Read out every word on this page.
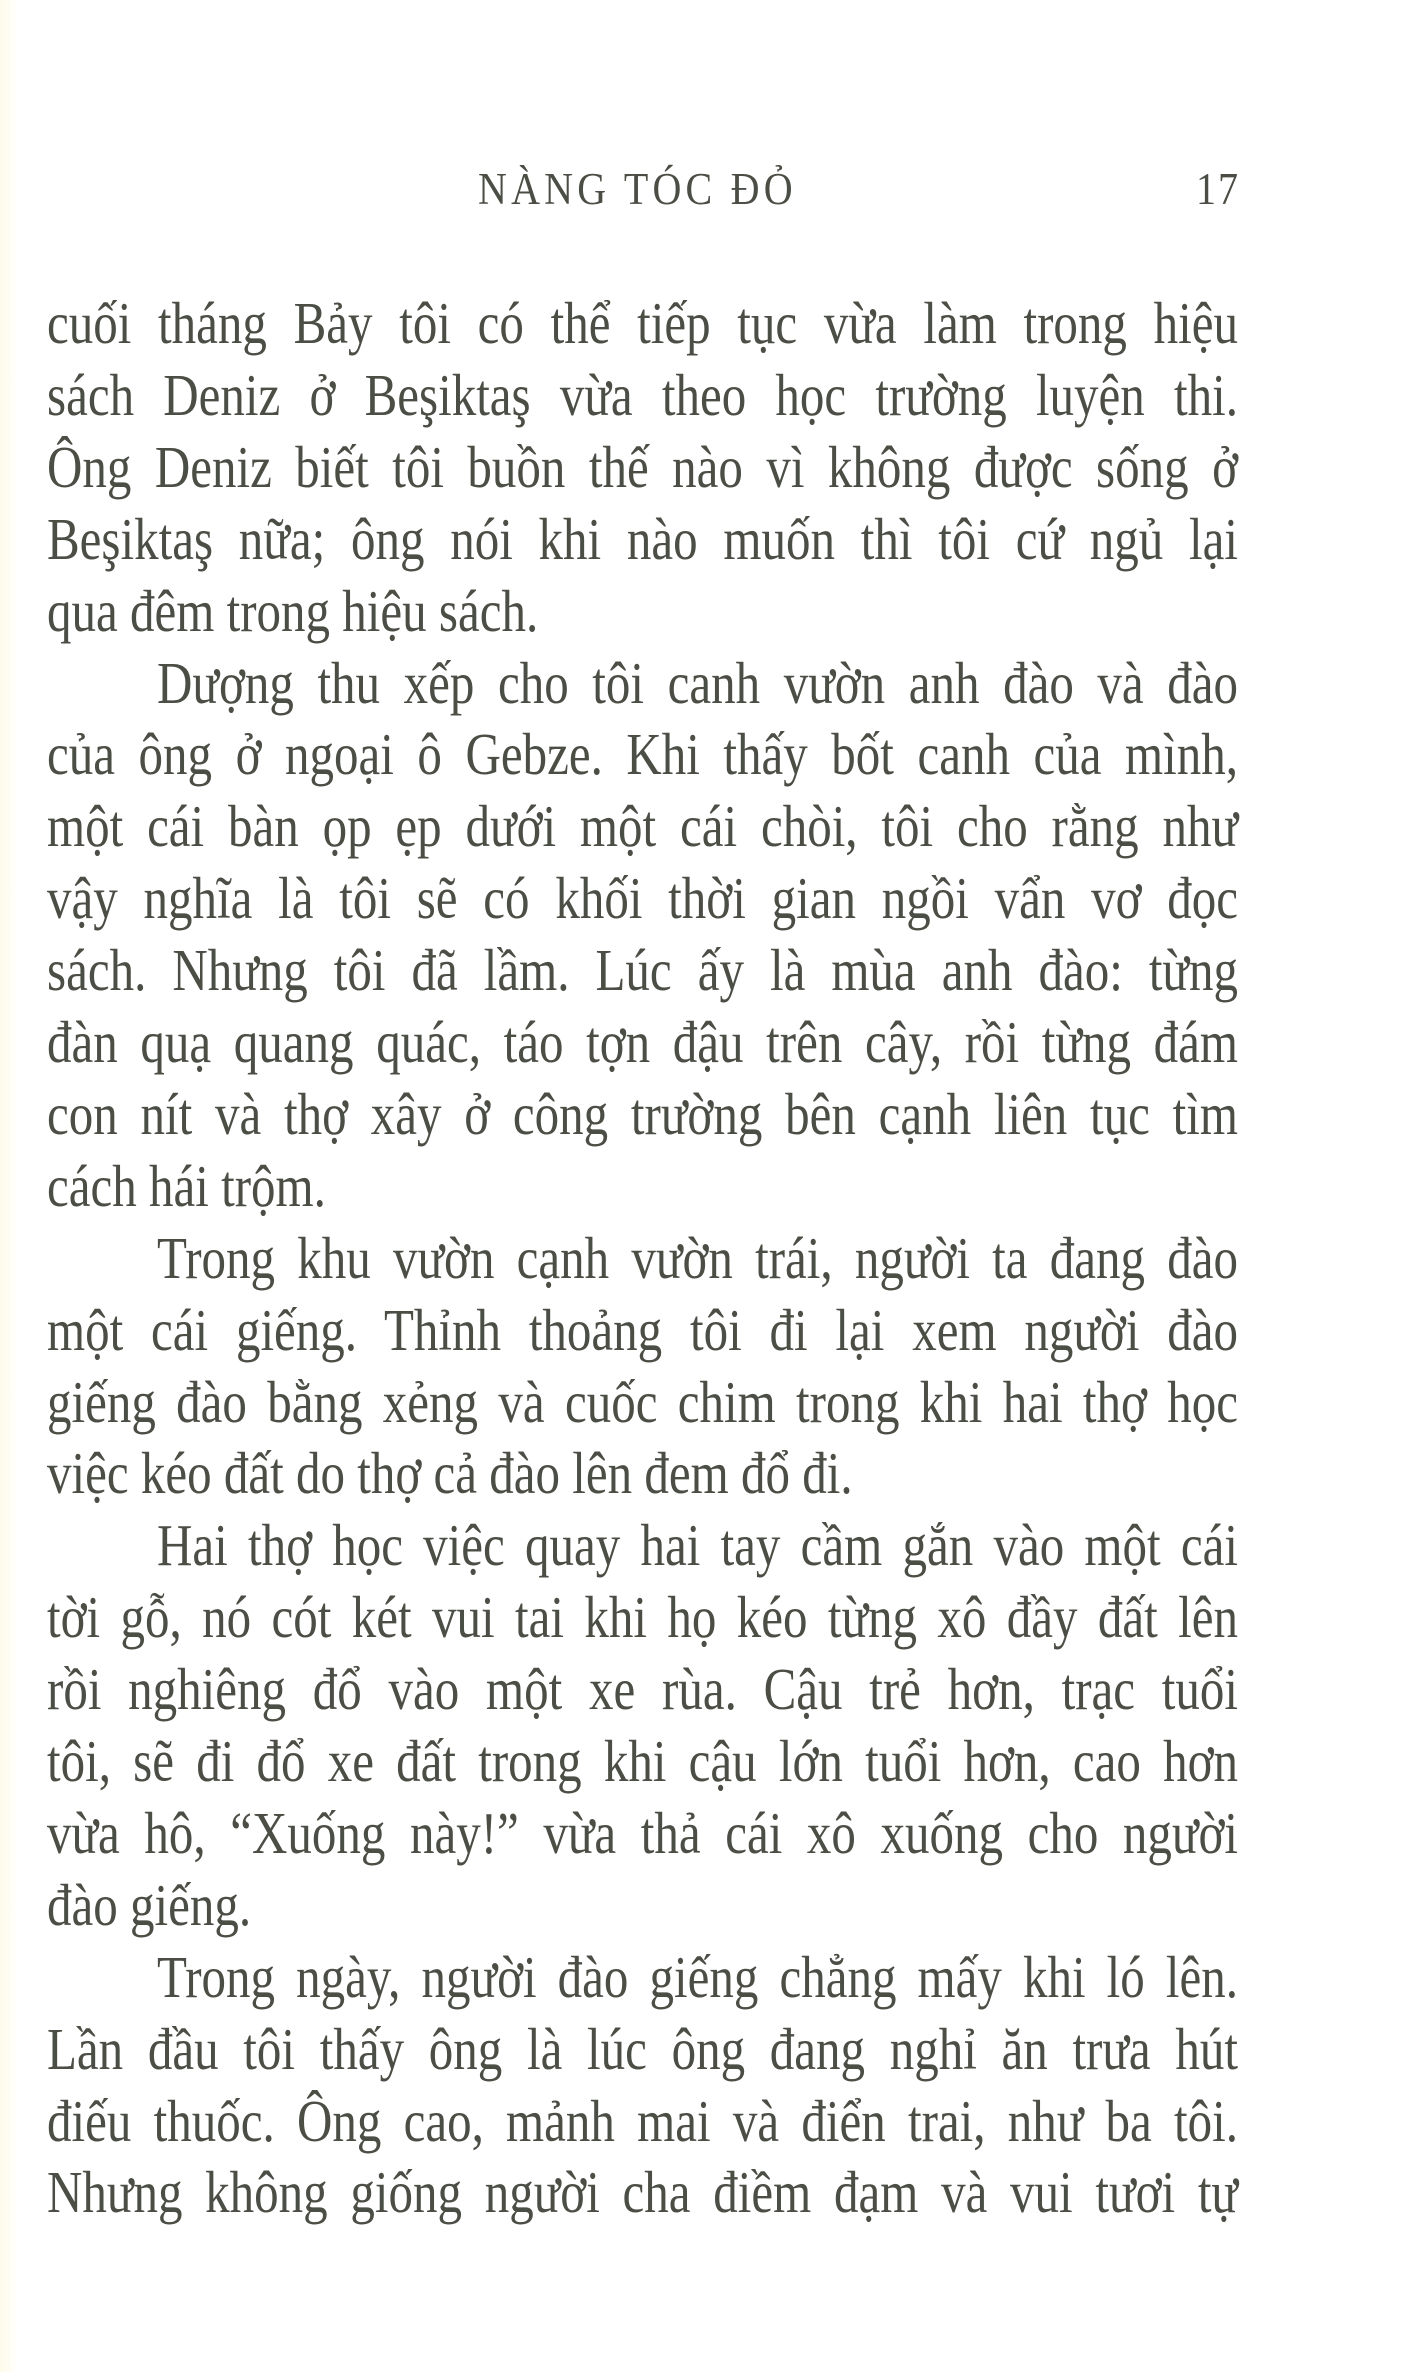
NÀNG TÓC ĐỎ	17
cuối tháng Bảy tôi có thể tiếp tục vừa làm trong hiệu
sách Deniz ở Beşiktaş vừa theo học trường luyện thi.
Ông Deniz biết tôi buồn thế nào vì không được sống ở
Beşiktaş nữa; ông nói khi nào muốn thì tôi cứ ngủ lại
qua đêm trong hiệu sách.
Dượng thu xếp cho tôi canh vườn anh đào và đào
của ông ở ngoại ô Gebze. Khi thấy bốt canh của mình,
một cái bàn ọp ẹp dưới một cái chòi, tôi cho rằng như
vậy nghĩa là tôi sẽ có khối thời gian ngồi vẩn vơ đọc
sách. Nhưng tôi đã lầm. Lúc ấy là mùa anh đào: từng
đàn quạ quang quác, táo tợn đậu trên cây, rồi từng đám
con nít và thợ xây ở công trường bên cạnh liên tục tìm
cách hái trộm.
Trong khu vườn cạnh vườn trái, người ta đang đào
một cái giếng. Thỉnh thoảng tôi đi lại xem người đào
giếng đào bằng xẻng và cuốc chim trong khi hai thợ học
việc kéo đất do thợ cả đào lên đem đổ đi.
Hai thợ học việc quay hai tay cầm gắn vào một cái
tời gỗ, nó cót két vui tai khi họ kéo từng xô đầy đất lên
rồi nghiêng đổ vào một xe rùa. Cậu trẻ hơn, trạc tuổi
tôi, sẽ đi đổ xe đất trong khi cậu lớn tuổi hơn, cao hơn
vừa hô, “Xuống này!” vừa thả cái xô xuống cho người
đào giếng.
Trong ngày, người đào giếng chẳng mấy khi ló lên.
Lần đầu tôi thấy ông là lúc ông đang nghỉ ăn trưa hút
điếu thuốc. Ông cao, mảnh mai và điển trai, như ba tôi.
Nhưng không giống người cha điềm đạm và vui tươi tự
